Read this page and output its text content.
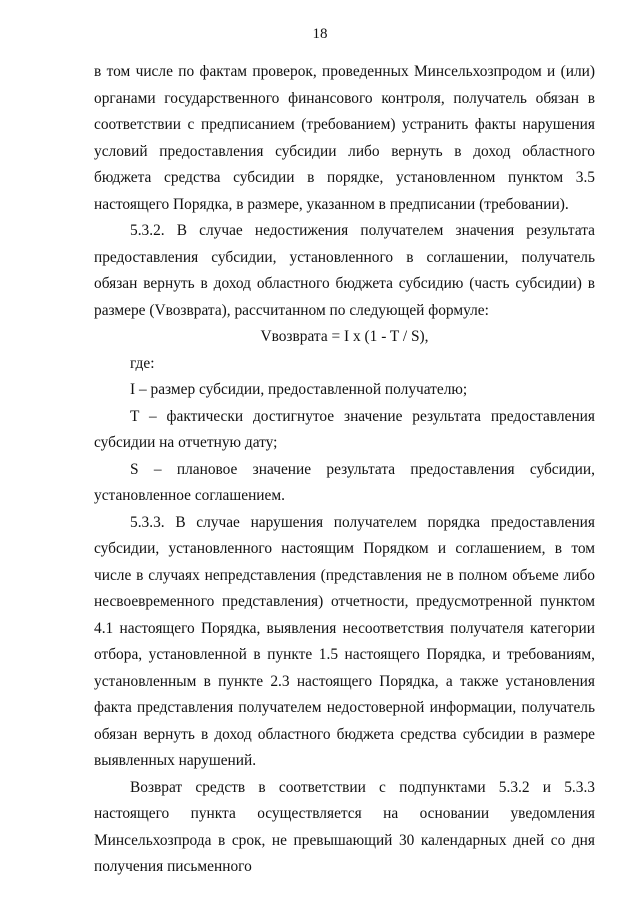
18

в том числе по фактам проверок, проведенных Минсельхозпродом и (или) органами государственного финансового контроля, получатель обязан в соответствии с предписанием (требованием) устранить факты нарушения условий предоставления субсидии либо вернуть в доход областного бюджета средства субсидии в порядке, установленном пунктом 3.5 настоящего Порядка, в размере, указанном в предписании (требовании).

5.3.2. В случае недостижения получателем значения результата предоставления субсидии, установленного в соглашении, получатель обязан вернуть в доход областного бюджета субсидию (часть субсидии) в размере (Vвозврата), рассчитанном по следующей формуле:

Vвозврата = I x (1 - T / S),

где:

I – размер субсидии, предоставленной получателю;

T – фактически достигнутое значение результата предоставления субсидии на отчетную дату;

S – плановое значение результата предоставления субсидии, установленное соглашением.

5.3.3. В случае нарушения получателем порядка предоставления субсидии, установленного настоящим Порядком и соглашением, в том числе в случаях непредставления (представления не в полном объеме либо несвоевременного представления) отчетности, предусмотренной пунктом 4.1 настоящего Порядка, выявления несоответствия получателя категории отбора, установленной в пункте 1.5 настоящего Порядка, и требованиям, установленным в пункте 2.3 настоящего Порядка, а также установления факта представления получателем недостоверной информации, получатель обязан вернуть в доход областного бюджета средства субсидии в размере выявленных нарушений.

Возврат средств в соответствии с подпунктами 5.3.2 и 5.3.3 настоящего пункта осуществляется на основании уведомления Минсельхозпрода в срок, не превышающий 30 календарных дней со дня получения письменного
